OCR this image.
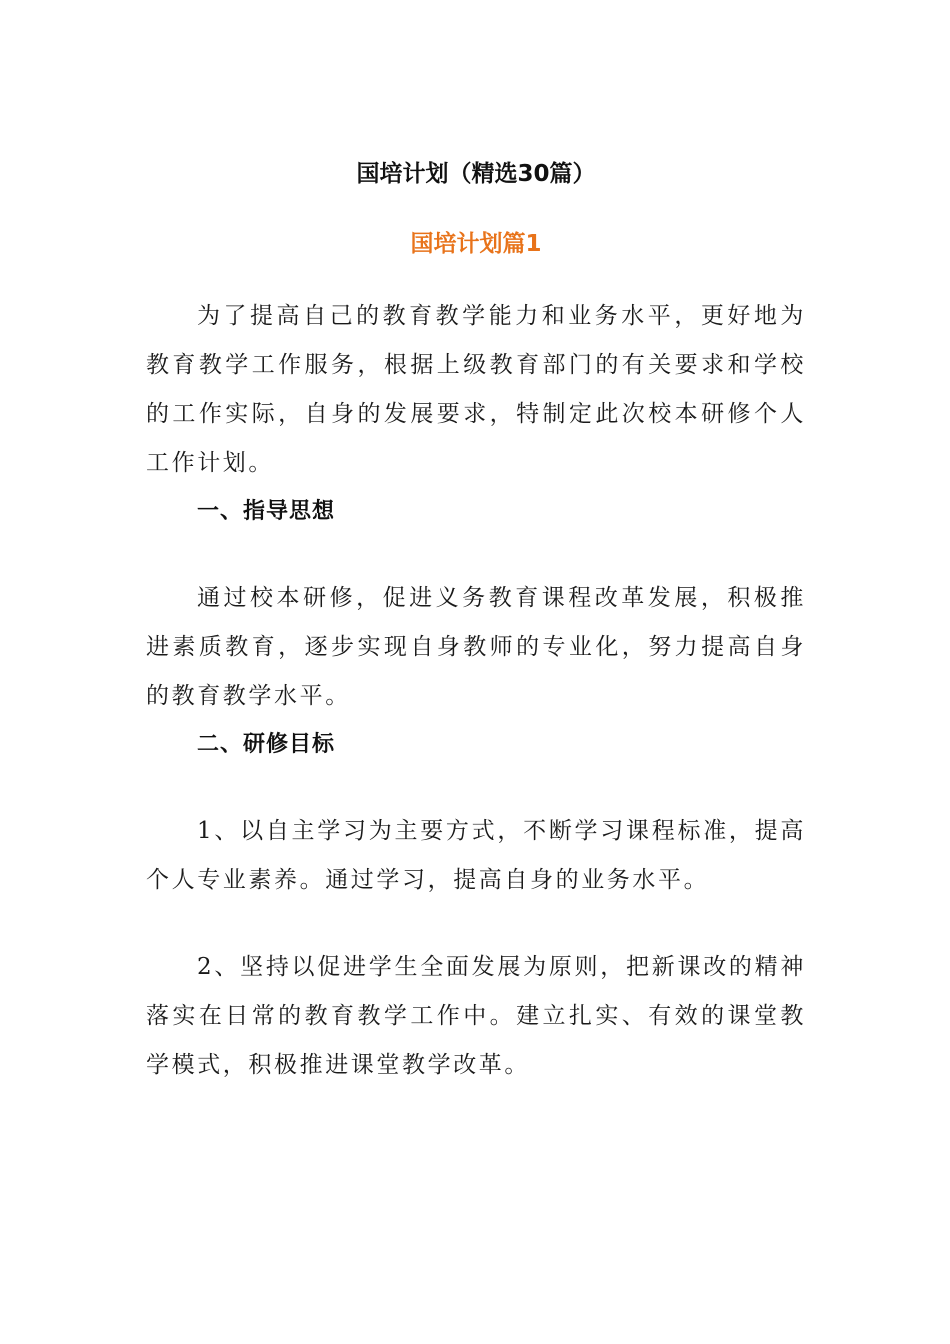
国培计划（精选30篇）
国培计划篇1

为了提高自己的教育教学能力和业务水平，更好地为教育教学工作服务，根据上级教育部门的有关要求和学校的工作实际，自身的发展要求，特制定此次校本研修个人工作计划。

一、指导思想

通过校本研修，促进义务教育课程改革发展，积极推进素质教育，逐步实现自身教师的专业化，努力提高自身的教育教学水平。

二、研修目标

1、以自主学习为主要方式，不断学习课程标准，提高个人专业素养。通过学习，提高自身的业务水平。

2、坚持以促进学生全面发展为原则，把新课改的精神落实在日常的教育教学工作中。建立扎实、有效的课堂教学模式，积极推进课堂教学改革。
